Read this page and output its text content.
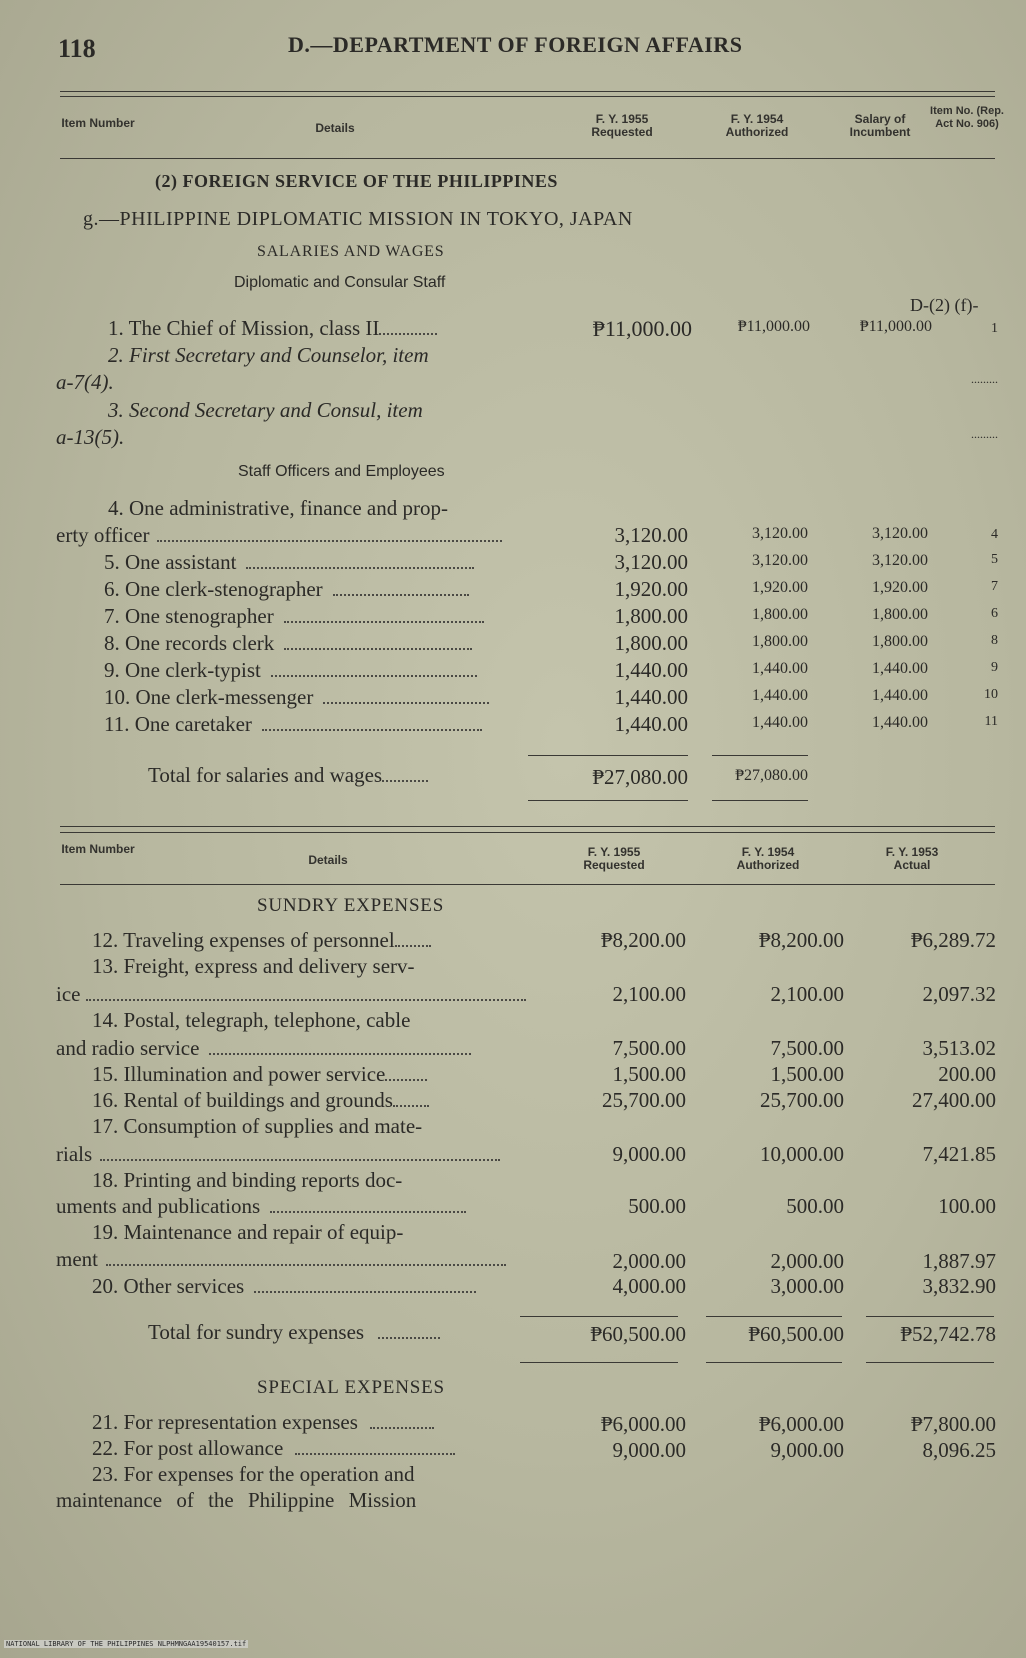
118	D.—DEPARTMENT OF FOREIGN AFFAIRS
Item Number	Details
F. Y. 1955 Requested
F. Y. 1954 Authorized
Salary of Incumbent
Item No. (Rep. Act No. 906)
(2) FOREIGN SERVICE OF THE PHILIPPINES
g.—PHILIPPINE DIPLOMATIC MISSION IN TOKYO, JAPAN
SALARIES AND WAGES
Diplomatic and Consular Staff
D-(2) (f)-
1. The Chief of Mission, class II	₱11,000.00	₱11,000.00	₱11,000.00	1
2. First Secretary and Counselor, item
a-7(4).	.........
3. Second Secretary and Consul, item
a-13(5).	.........
Staff Officers and Employees
4. One administrative, finance and prop-
erty officer	3,120.00	3,120.00	3,120.00	4
5. One assistant	3,120.00	3,120.00	3,120.00	5
6. One clerk-stenographer	1,920.00	1,920.00	1,920.00	7
7. One stenographer	1,800.00	1,800.00	1,800.00	6
8. One records clerk	1,800.00	1,800.00	1,800.00	8
9. One clerk-typist	1,440.00	1,440.00	1,440.00	9
10. One clerk-messenger	1,440.00	1,440.00	1,440.00	10
11. One caretaker	1,440.00	1,440.00	1,440.00	11
Total for salaries and wages	₱27,080.00	₱27,080.00
Item Number
Details
F. Y. 1955 Requested
F. Y. 1954 Authorized
F. Y. 1953 Actual
SUNDRY EXPENSES
12. Traveling expenses of personnel	₱8,200.00	₱8,200.00	₱6,289.72
13. Freight, express and delivery serv-
ice	2,100.00	2,100.00	2,097.32
14. Postal, telegraph, telephone, cable
and radio service	7,500.00	7,500.00	3,513.02
15. Illumination and power service	1,500.00	1,500.00	200.00
16. Rental of buildings and grounds	25,700.00	25,700.00	27,400.00
17. Consumption of supplies and mate-
rials	9,000.00	10,000.00	7,421.85
18. Printing and binding reports doc-
uments and publications	500.00	500.00	100.00
19. Maintenance and repair of equip-
ment	2,000.00	2,000.00	1,887.97
20. Other services	4,000.00	3,000.00	3,832.90
Total for sundry expenses	₱60,500.00	₱60,500.00	₱52,742.78
SPECIAL EXPENSES
21. For representation expenses	₱6,000.00	₱6,000.00	₱7,800.00
22. For post allowance	9,000.00	9,000.00	8,096.25
23. For expenses for the operation and
maintenance of the Philippine Mission
NATIONAL LIBRARY OF THE PHILIPPINES NLPHMNGAA19540157.tif
